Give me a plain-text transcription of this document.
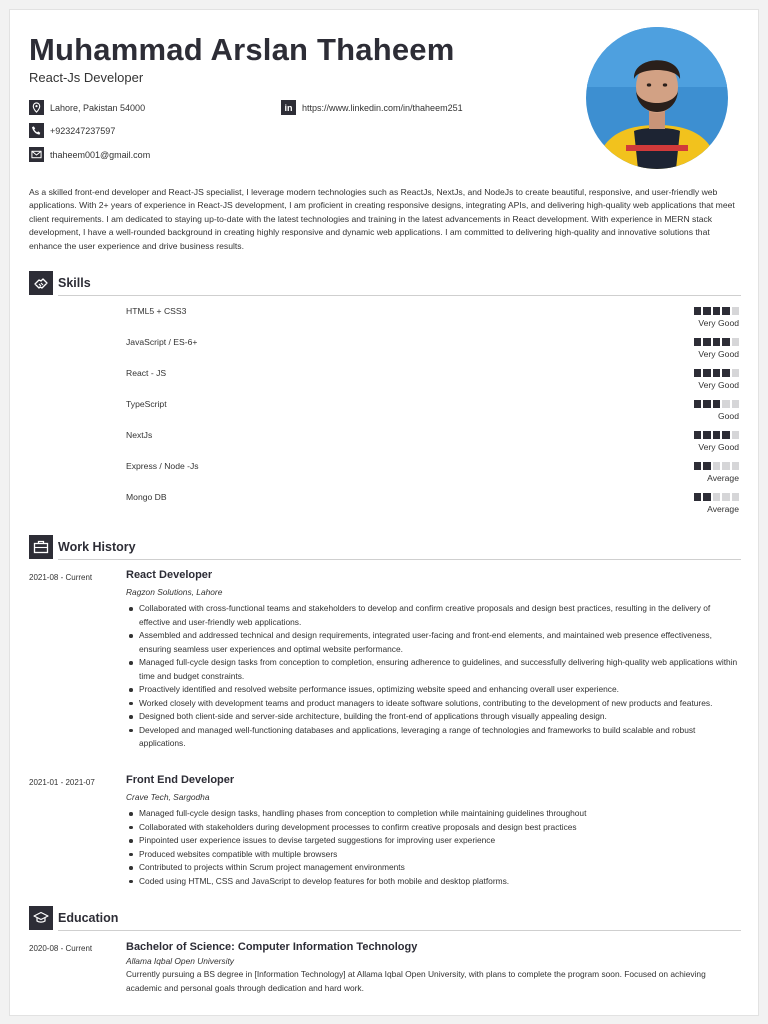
Muhammad Arslan Thaheem
React-Js Developer
Lahore, Pakistan 54000
+923247237597
thaheem001@gmail.com
in	https://www.linkedin.com/in/thaheem251
As a skilled front-end developer and React-JS specialist, I leverage modern technologies such as ReactJs, NextJs, and NodeJs to create beautiful, responsive, and user-friendly web applications. With 2+ years of experience in React-JS development, I am proficient in creating responsive designs, integrating APIs, and delivering high-quality web applications that meet client requirements. I am dedicated to staying up-to-date with the latest technologies and training in the latest advancements in React development. With experience in MERN stack development, I have a well-rounded background in creating highly responsive and dynamic web applications. I am committed to delivering high-quality and innovative solutions that enhance the user experience and drive business results.
Skills
HTML5 + CSS3
Very Good
JavaScript / ES-6+
Very Good
React - JS
Very Good
TypeScript
Good
NextJs
Very Good
Express / Node -Js
Average
Mongo DB
Average
Work History
2021-08 - Current	React Developer
Ragzon Solutions, Lahore
Collaborated with cross-functional teams and stakeholders to develop and confirm creative proposals and design best practices, resulting in the delivery of effective and user-friendly web applications.
Assembled and addressed technical and design requirements, integrated user-facing and front-end elements, and maintained web presence effectiveness, ensuring seamless user experiences and optimal website performance.
Managed full-cycle design tasks from conception to completion, ensuring adherence to guidelines, and successfully delivering high-quality web applications within time and budget constraints.
Proactively identified and resolved website performance issues, optimizing website speed and enhancing overall user experience.
Worked closely with development teams and product managers to ideate software solutions, contributing to the development of new products and features.
Designed both client-side and server-side architecture, building the front-end of applications through visually appealing design.
Developed and managed well-functioning databases and applications, leveraging a range of technologies and frameworks to build scalable and robust applications.
2021-01 - 2021-07	Front End Developer
Crave Tech, Sargodha
Managed full-cycle design tasks, handling phases from conception to completion while maintaining guidelines throughout
Collaborated with stakeholders during development processes to confirm creative proposals and design best practices
Pinpointed user experience issues to devise targeted suggestions for improving user experience
Produced websites compatible with multiple browsers
Contributed to projects within Scrum project management environments
Coded using HTML, CSS and JavaScript to develop features for both mobile and desktop platforms.
Education
2020-08 - Current	Bachelor of Science: Computer Information Technology
Allama Iqbal Open University
Currently pursuing a BS degree in [Information Technology] at Allama Iqbal Open University, with plans to complete the program soon. Focused on achieving academic and personal goals through dedication and hard work.
